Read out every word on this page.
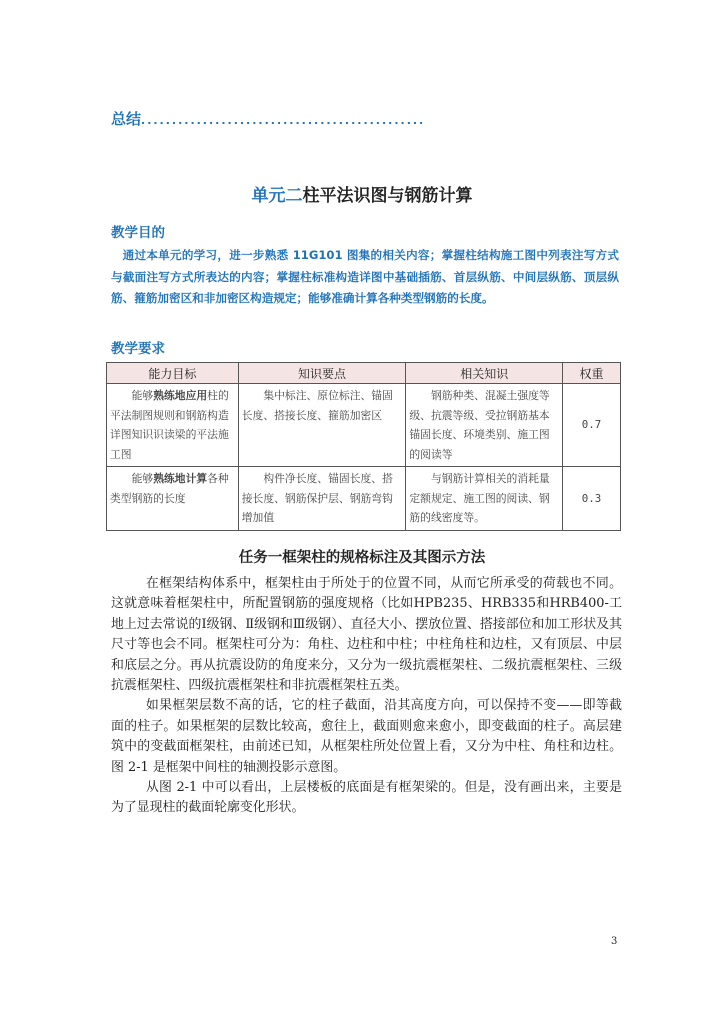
总结..............................................
单元二柱平法识图与钢筋计算
教学目的
通过本单元的学习，进一步熟悉 11G101 图集的相关内容；掌握柱结构施工图中列表注写方式与截面注写方式所表达的内容；掌握柱标准构造详图中基础插筋、首层纵筋、中间层纵筋、顶层纵筋、箍筋加密区和非加密区构造规定；能够准确计算各种类型钢筋的长度。
教学要求
能力目标	知识要点	相关知识	权重
能够熟练地应用柱的平法制图规则和钢筋构造详图知识识读梁的平法施工图	集中标注、原位标注、锚固长度、搭接长度、箍筋加密区	钢筋种类、混凝土强度等级、抗震等级、受拉钢筋基本锚固长度、环境类别、施工图的阅读等	0.7
能够熟练地计算各种类型钢筋的长度	构件净长度、锚固长度、搭接长度、钢筋保护层、钢筋弯钩增加值	与钢筋计算相关的消耗量定额规定、施工图的阅读、钢筋的线密度等。	0.3
任务一框架柱的规格标注及其图示方法

在框架结构体系中，框架柱由于所处于的位置不同，从而它所承受的荷载也不同。这就意味着框架柱中，所配置钢筋的强度规格（比如HPB235、HRB335和HRB400-工地上过去常说的Ⅰ级钢、Ⅱ级钢和Ⅲ级钢）、直径大小、摆放位置、搭接部位和加工形状及其尺寸等也会不同。框架柱可分为：角柱、边柱和中柱；中柱角柱和边柱，又有顶层、中层和底层之分。再从抗震设防的角度来分，又分为一级抗震框架柱、二级抗震框架柱、三级抗震框架柱、四级抗震框架柱和非抗震框架柱五类。

如果框架层数不高的话，它的柱子截面，沿其高度方向，可以保持不变——即等截面的柱子。如果框架的层数比较高，愈往上，截面则愈来愈小，即变截面的柱子。高层建筑中的变截面框架柱，由前述已知，从框架柱所处位置上看，又分为中柱、角柱和边柱。图 2-1 是框架中间柱的轴测投影示意图。

从图 2-1 中可以看出，上层楼板的底面是有框架梁的。但是，没有画出来，主要是为了显现柱的截面轮廓变化形状。

3
